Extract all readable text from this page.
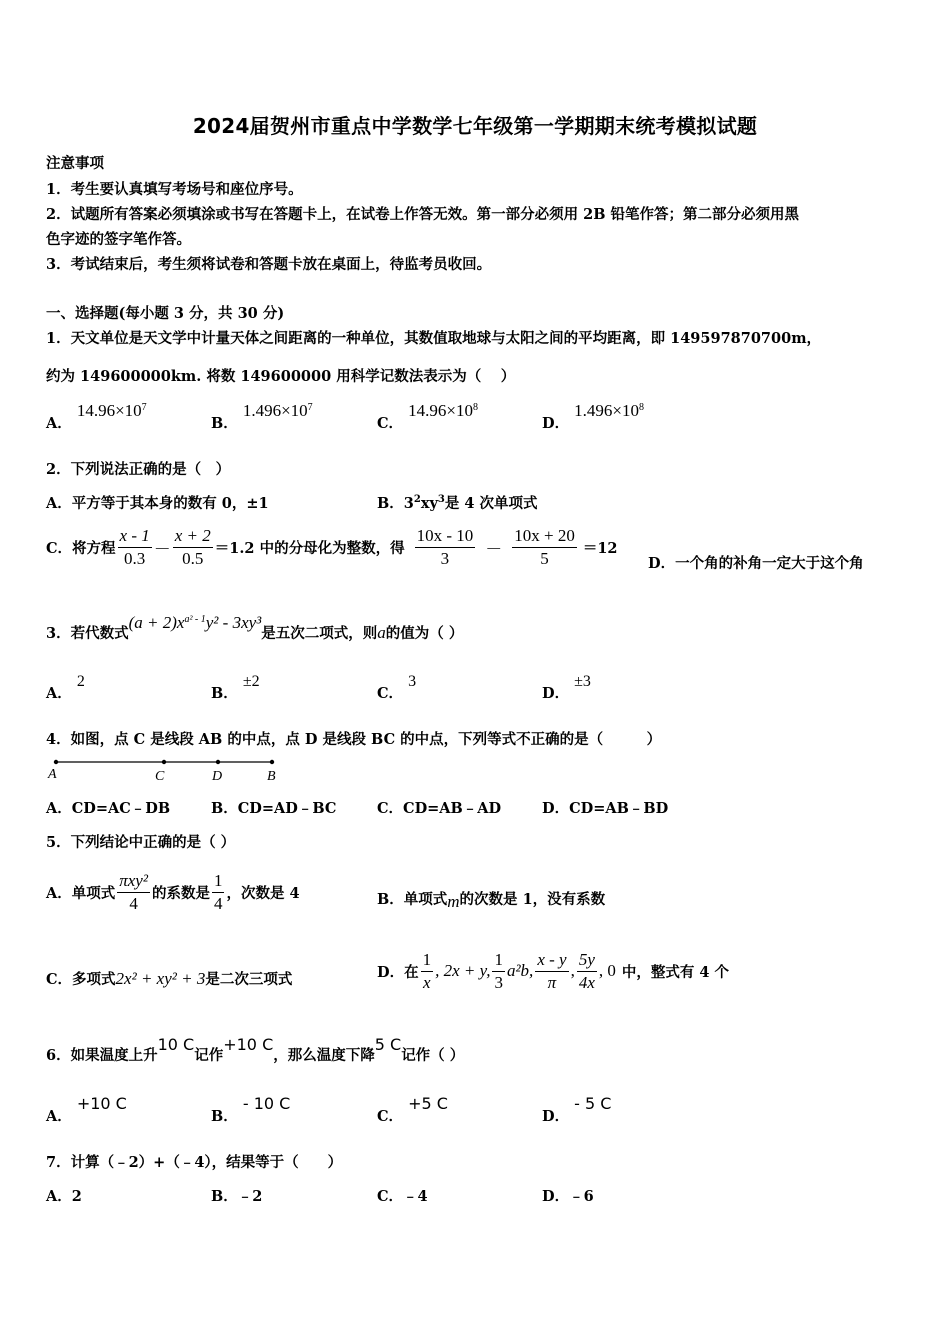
2024届贺州市重点中学数学七年级第一学期期末统考模拟试题
注意事项
1．考生要认真填写考场号和座位序号。
2．试题所有答案必须填涂或书写在答题卡上，在试卷上作答无效。第一部分必须用 2B 铅笔作答；第二部分必须用黑
色字迹的签字笔作答。
3．考试结束后，考生须将试卷和答题卡放在桌面上，待监考员收回。
一、选择题(每小题 3 分，共 30 分)
1．天文单位是天文学中计量天体之间距离的一种单位，其数值取地球与太阳之间的平均距离，即 149597870700m，
约为 149600000km. 将数 149600000 用科学记数法表示为（　 ）
A． $14.96\times 10^7$
B． $1.496\times 10^7$
C． $14.96\times 10^8$
D． $1.496\times 10^8$
2．下列说法正确的是（　）
A．平方等于其本身的数有 0，±1	B．$3^2xy^3$是 4 次单项式
C．将方程 $\frac{x - 1}{0.3} - \frac{x + 2}{0.5} =1.2$ 中的分母化为整数，得 $\frac{10x - 10}{3} - \frac{10x + 20}{5} =12$
D．一个角的补角一定大于这个角
3．若代数式$(a + 2)x^{a^2 - 1}y^2 - 3xy^3$是五次二项式，则a的值为（ ）
A． 2
B． ±2
C． 3
D． ±3
4．如图，点 C 是线段 AB 的中点，点 D 是线段 BC 的中点，下列等式不正确的是（　　　）
A	C	D	B
A．CD=AC﹣DB	B．CD=AD﹣BC	C．CD=AB﹣AD	D．CD=AB﹣BD
5．下列结论中正确的是（ ）
A．单项式 $\frac{\text{πxy²}}{4}$ 的系数是 $\frac{1}{4}$ ，次数是 4	B．单项式m的次数是 1，没有系数
C．多项式2x² + xy² + 3是二次三项式	D．在 $\frac{1}{x}$ , 2x + y, $\frac{1}{3} a^2b$, $\frac{x - y}{\pi}$ , $\frac{5y}{4x}$ , 0 中，整式有 4 个
6．如果温度上升10 C记作+10 C，那么温度下降5 C记作（ ）
A． +10 C
B． - 10 C
C． +5 C
D． - 5 C
7．计算（﹣2）+（﹣4），结果等于（　　）
A．2	B．﹣2	C．﹣4	D．﹣6
